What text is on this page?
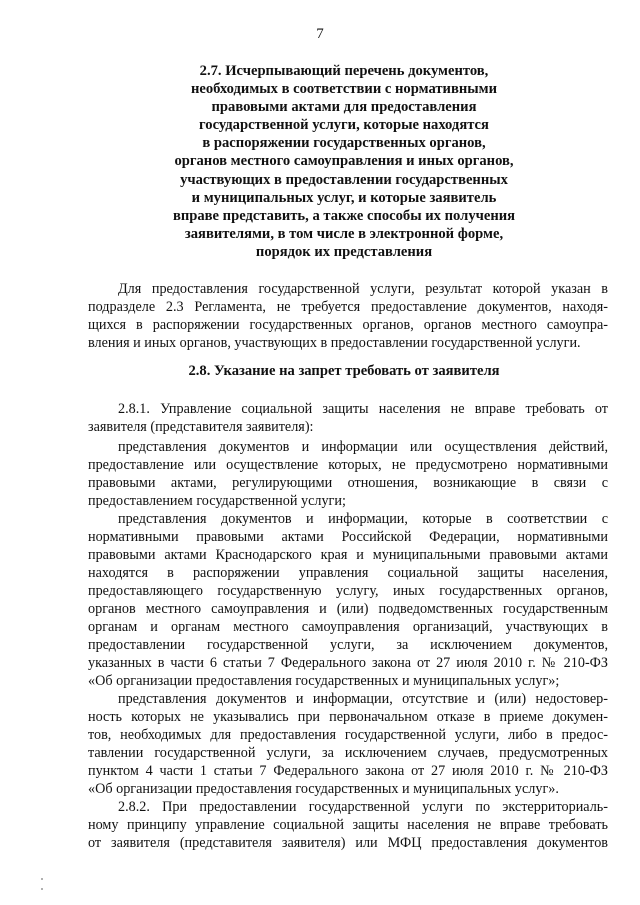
7
2.7. Исчерпывающий перечень документов,
необходимых в соответствии с нормативными
правовыми актами для предоставления
государственной услуги, которые находятся
в распоряжении государственных органов,
органов местного самоуправления и иных органов,
участвующих в предоставлении государственных
и муниципальных услуг, и которые заявитель
вправе представить, а также способы их получения
заявителями, в том числе в электронной форме,
порядок их представления

Для предоставления государственной услуги, результат которой указан в
подразделе 2.3 Регламента, не требуется предоставление документов, находя-
щихся в распоряжении государственных органов, органов местного самоупра-
вления и иных органов, участвующих в предоставлении государственной услуги.

2.8. Указание на запрет требовать от заявителя

2.8.1. Управление социальной защиты населения не вправе требовать от
заявителя (представителя заявителя):

представления документов и информации или осуществления действий,
предоставление или осуществление которых, не предусмотрено нормативными
правовыми актами, регулирующими отношения, возникающие в связи с
предоставлением государственной услуги;

представления документов и информации, которые в соответствии с
нормативными правовыми актами Российской Федерации, нормативными
правовыми актами Краснодарского края и муниципальными правовыми актами
находятся в распоряжении управления социальной защиты населения,
предоставляющего государственную услугу, иных государственных органов,
органов местного самоуправления и (или) подведомственных государственным
органам и органам местного самоуправления организаций, участвующих в
предоставлении государственной услуги, за исключением документов,
указанных в части 6 статьи 7 Федерального закона от 27 июля 2010 г. № 210-ФЗ
«Об организации предоставления государственных и муниципальных услуг»;

представления документов и информации, отсутствие и (или) недостовер-
ность которых не указывались при первоначальном отказе в приеме докумен-
тов, необходимых для предоставления государственной услуги, либо в предос-
тавлении государственной услуги, за исключением случаев, предусмотренных
пунктом 4 части 1 статьи 7 Федерального закона от 27 июля 2010 г. № 210-ФЗ
«Об организации предоставления государственных и муниципальных услуг».

2.8.2. При предоставлении государственной услуги по экстерриториаль-
ному принципу управление социальной защиты населения не вправе требовать
от заявителя (представителя заявителя) или МФЦ предоставления документов
